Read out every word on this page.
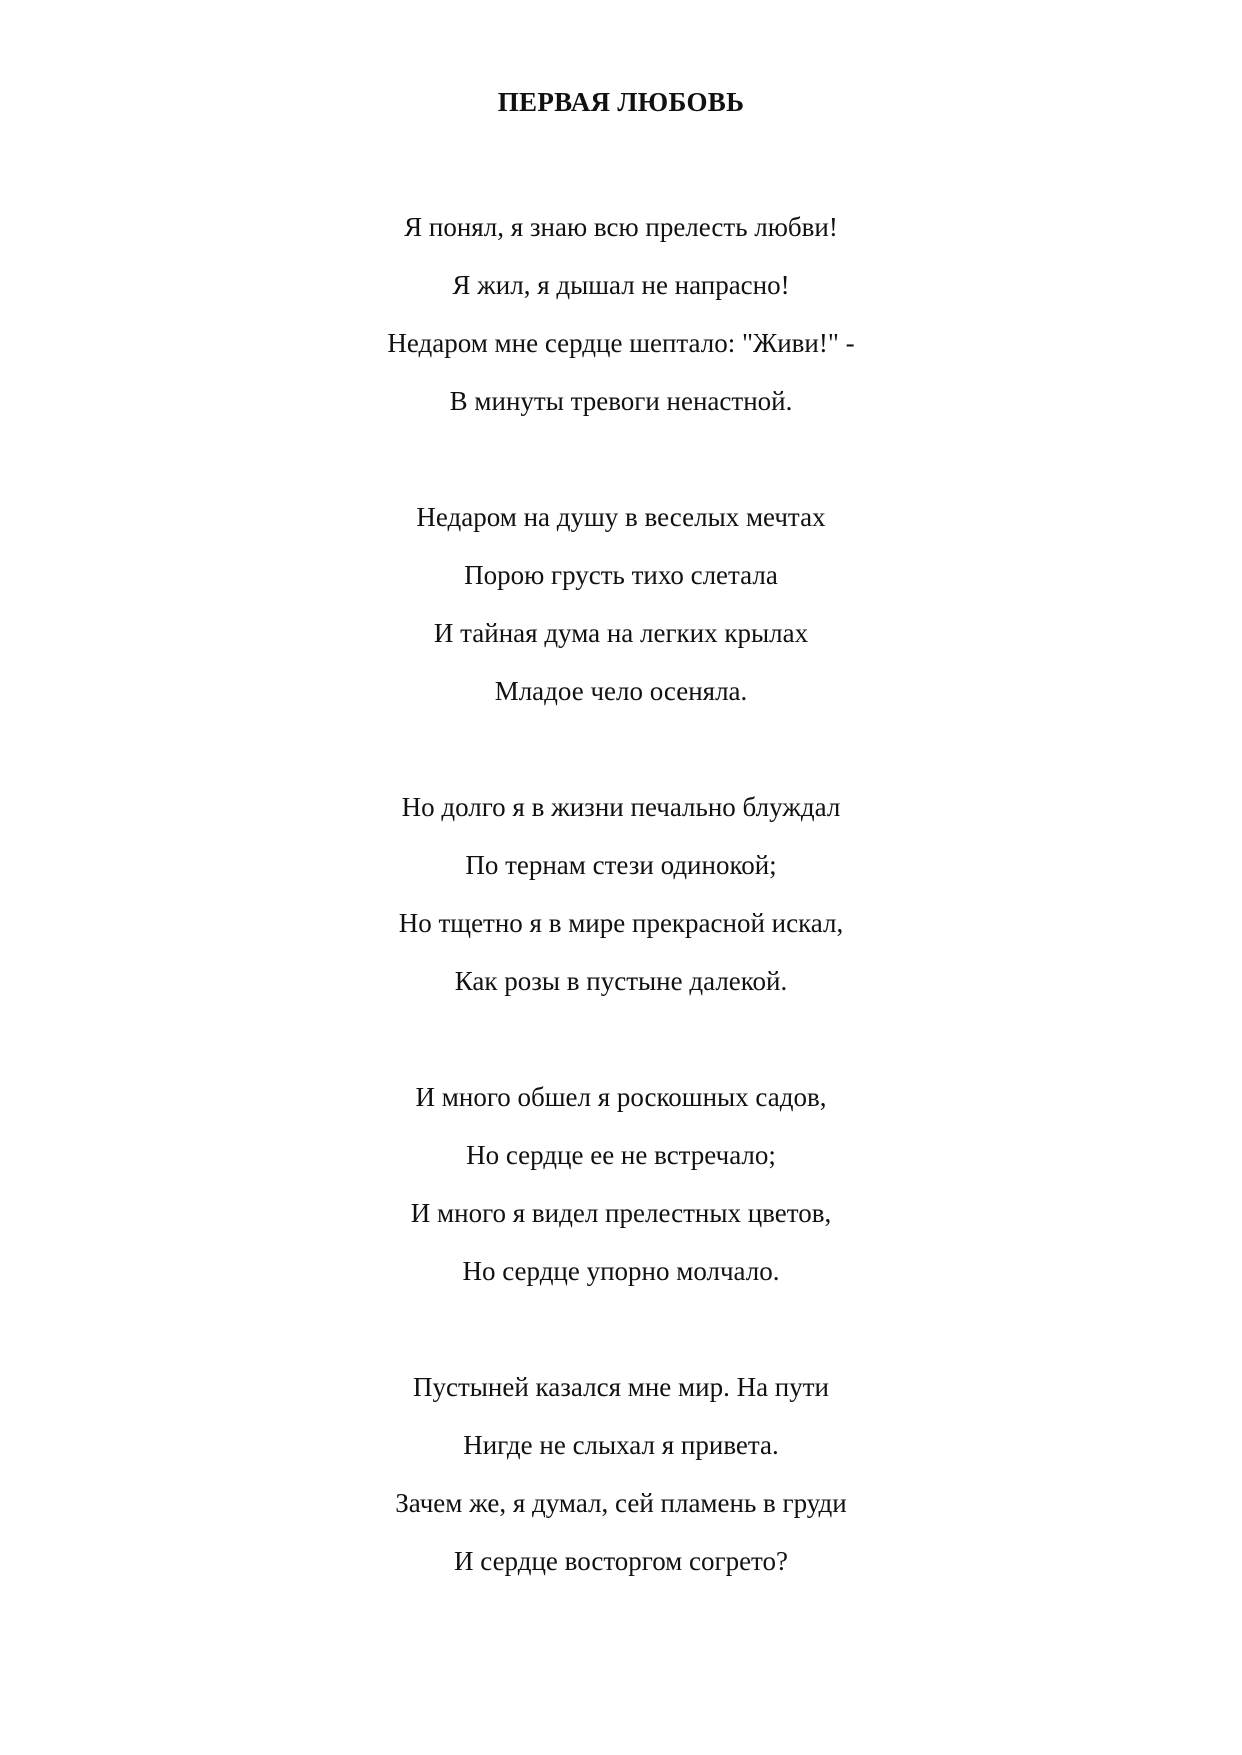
ПЕРВАЯ ЛЮБОВЬ
Я понял, я знаю всю прелесть любви!
Я жил, я дышал не напрасно!
Недаром мне сердце шептало: "Живи!" -
В минуты тревоги ненастной.
Недаром на душу в веселых мечтах
Порою грусть тихо слетала
И тайная дума на легких крылах
Младое чело осеняла.
Но долго я в жизни печально блуждал
По тернам стези одинокой;
Но тщетно я в мире прекрасной искал,
Как розы в пустыне далекой.
И много обшел я роскошных садов,
Но сердце ее не встречало;
И много я видел прелестных цветов,
Но сердце упорно молчало.
Пустыней казался мне мир. На пути
Нигде не слыхал я привета.
Зачем же, я думал, сей пламень в груди
И сердце восторгом согрето?
